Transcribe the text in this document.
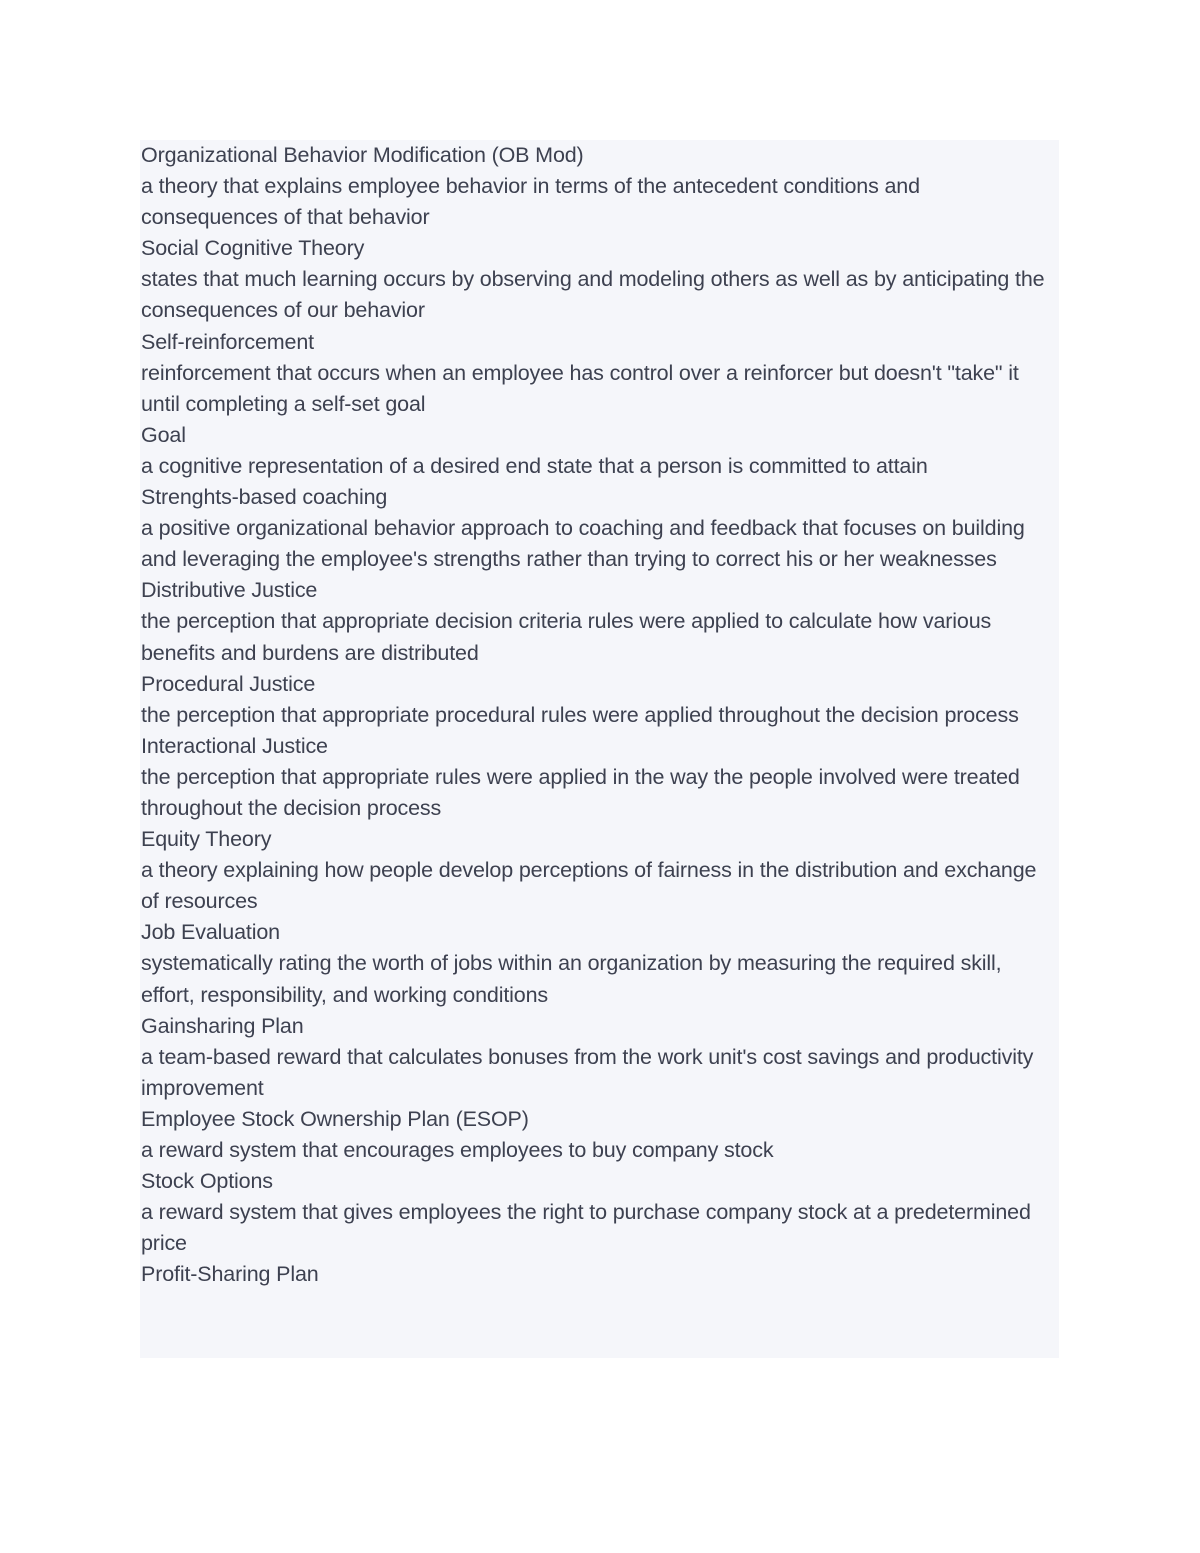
Organizational Behavior Modification (OB Mod)
a theory that explains employee behavior in terms of the antecedent conditions and consequences of that behavior
Social Cognitive Theory
states that much learning occurs by observing and modeling others as well as by anticipating the consequences of our behavior
Self-reinforcement
reinforcement that occurs when an employee has control over a reinforcer but doesn't "take" it until completing a self-set goal
Goal
a cognitive representation of a desired end state that a person is committed to attain
Strenghts-based coaching
a positive organizational behavior approach to coaching and feedback that focuses on building and leveraging the employee's strengths rather than trying to correct his or her weaknesses
Distributive Justice
the perception that appropriate decision criteria rules were applied to calculate how various benefits and burdens are distributed
Procedural Justice
the perception that appropriate procedural rules were applied throughout the decision process
Interactional Justice
the perception that appropriate rules were applied in the way the people involved were treated throughout the decision process
Equity Theory
a theory explaining how people develop perceptions of fairness in the distribution and exchange of resources
Job Evaluation
systematically rating the worth of jobs within an organization by measuring the required skill, effort, responsibility, and working conditions
Gainsharing Plan
a team-based reward that calculates bonuses from the work unit's cost savings and productivity improvement
Employee Stock Ownership Plan (ESOP)
a reward system that encourages employees to buy company stock
Stock Options
a reward system that gives employees the right to purchase company stock at a predetermined price
Profit-Sharing Plan
